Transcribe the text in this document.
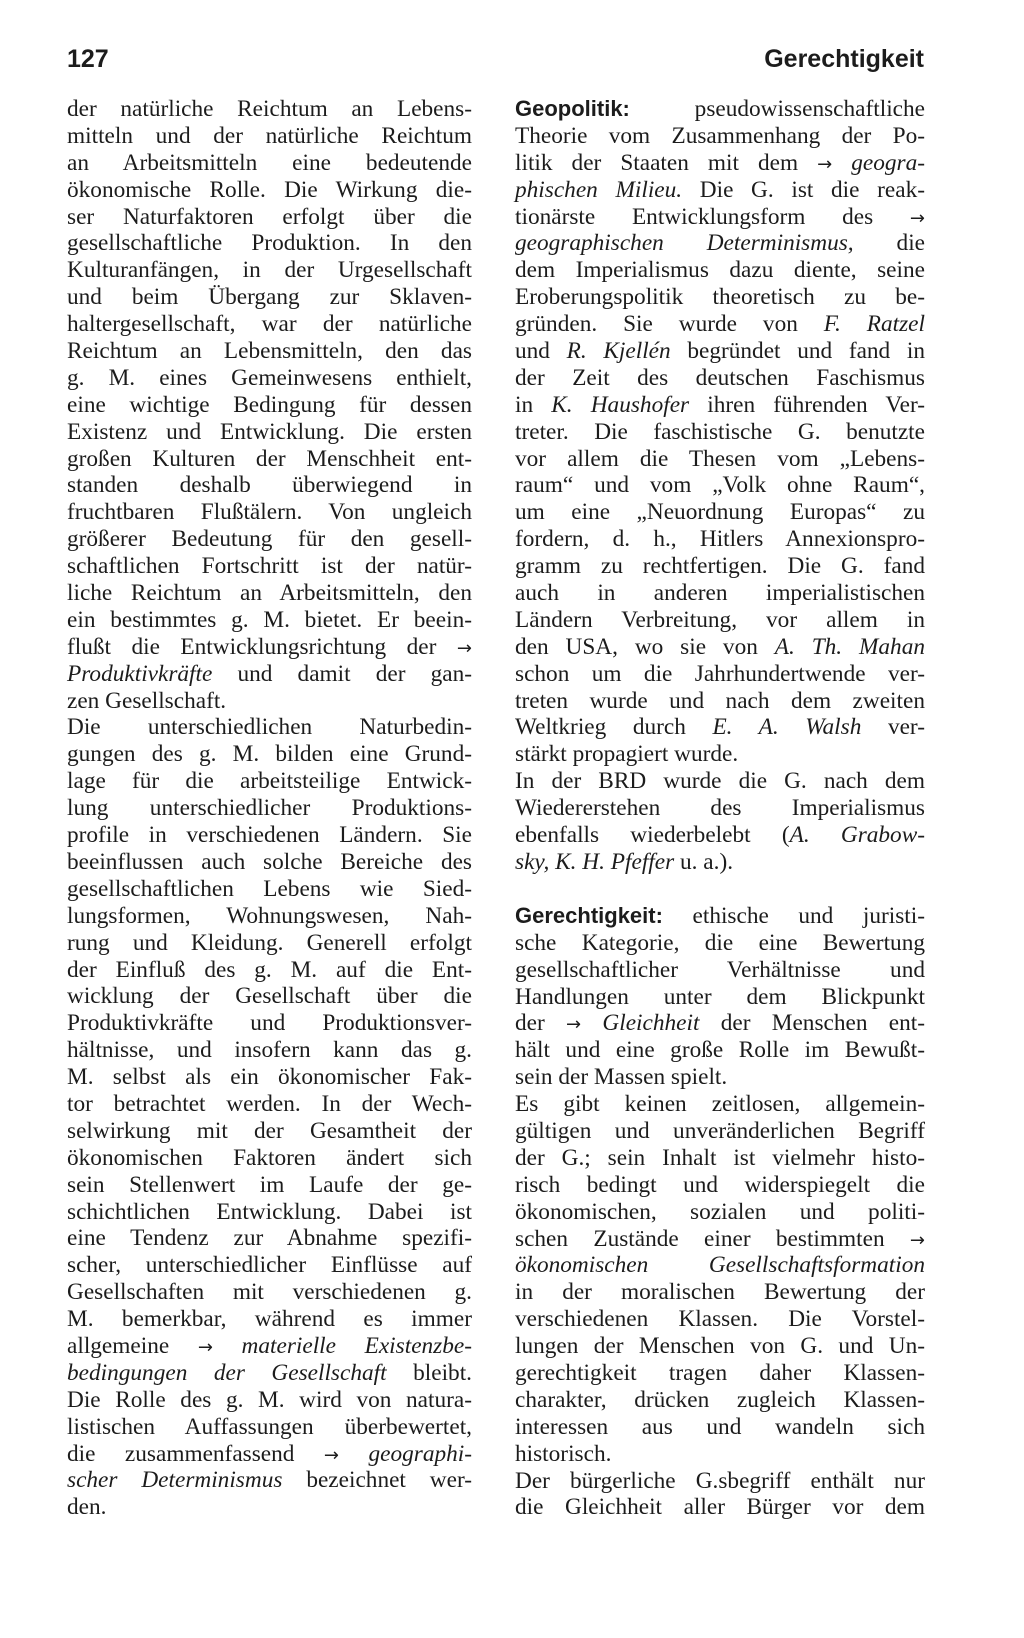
127	Gerechtigkeit
der natürliche Reichtum an Lebens-
mitteln und der natürliche Reichtum
an Arbeitsmitteln eine bedeutende
ökonomische Rolle. Die Wirkung die-
ser Naturfaktoren erfolgt über die
gesellschaftliche Produktion. In den
Kulturanfängen, in der Urgesellschaft
und beim Übergang zur Sklaven-
haltergesellschaft, war der natürliche
Reichtum an Lebensmitteln, den das
g. M. eines Gemeinwesens enthielt,
eine wichtige Bedingung für dessen
Existenz und Entwicklung. Die ersten
großen Kulturen der Menschheit ent-
standen deshalb überwiegend in
fruchtbaren Flußtälern. Von ungleich
größerer Bedeutung für den gesell-
schaftlichen Fortschritt ist der natür-
liche Reichtum an Arbeitsmitteln, den
ein bestimmtes g. M. bietet. Er beein-
flußt die Entwicklungsrichtung der →
Produktivkräfte und damit der gan-
zen Gesellschaft.
Die unterschiedlichen Naturbedin-
gungen des g. M. bilden eine Grund-
lage für die arbeitsteilige Entwick-
lung unterschiedlicher Produktions-
profile in verschiedenen Ländern. Sie
beeinflussen auch solche Bereiche des
gesellschaftlichen Lebens wie Sied-
lungsformen, Wohnungswesen, Nah-
rung und Kleidung. Generell erfolgt
der Einfluß des g. M. auf die Ent-
wicklung der Gesellschaft über die
Produktivkräfte und Produktionsver-
hältnisse, und insofern kann das g.
M. selbst als ein ökonomischer Fak-
tor betrachtet werden. In der Wech-
selwirkung mit der Gesamtheit der
ökonomischen Faktoren ändert sich
sein Stellenwert im Laufe der ge-
schichtlichen Entwicklung. Dabei ist
eine Tendenz zur Abnahme spezifi-
scher, unterschiedlicher Einflüsse auf
Gesellschaften mit verschiedenen g.
M. bemerkbar, während es immer
allgemeine → materielle Existenzbe-
bedingungen der Gesellschaft bleibt.
Die Rolle des g. M. wird von natura-
listischen Auffassungen überbewertet,
die zusammenfassend → geographi-
scher Determinismus bezeichnet wer-
den.
Geopolitik:	pseudowissenschaftliche
Theorie vom Zusammenhang der Po-
litik der Staaten mit dem → geogra-
phischen Milieu. Die G. ist die reak-
tionärste Entwicklungsform des →
geographischen Determinismus, die
dem Imperialismus dazu diente, seine
Eroberungspolitik theoretisch zu be-
gründen. Sie wurde von F. Ratzel
und R. Kjellén begründet und fand in
der Zeit des deutschen Faschismus
in K. Haushofer ihren führenden Ver-
treter. Die faschistische G. benutzte
vor allem die Thesen vom „Lebens-
raum“ und vom „Volk ohne Raum“,
um eine „Neuordnung Europas“ zu
fordern, d. h., Hitlers Annexionspro-
gramm zu rechtfertigen. Die G. fand
auch in anderen imperialistischen
Ländern Verbreitung, vor allem in
den USA, wo sie von A. Th. Mahan
schon um die Jahrhundertwende ver-
treten wurde und nach dem zweiten
Weltkrieg durch E. A. Walsh ver-
stärkt propagiert wurde.
In der BRD wurde die G. nach dem
Wiedererstehen des Imperialismus
ebenfalls wiederbelebt (A. Grabow-
sky, K. H. Pfeffer u. a.).
Gerechtigkeit: ethische und juristi-
sche Kategorie, die eine Bewertung
gesellschaftlicher Verhältnisse und
Handlungen unter dem Blickpunkt
der → Gleichheit der Menschen ent-
hält und eine große Rolle im Bewußt-
sein der Massen spielt.
Es gibt keinen zeitlosen, allgemein-
gültigen und unveränderlichen Begriff
der G.; sein Inhalt ist vielmehr histo-
risch bedingt und widerspiegelt die
ökonomischen, sozialen und politi-
schen Zustände einer bestimmten →
ökonomischen Gesellschaftsformation
in der moralischen Bewertung der
verschiedenen Klassen. Die Vorstel-
lungen der Menschen von G. und Un-
gerechtigkeit tragen daher Klassen-
charakter, drücken zugleich Klassen-
interessen aus und wandeln sich
historisch.
Der bürgerliche G.sbegriff enthält nur
die Gleichheit aller Bürger vor dem
